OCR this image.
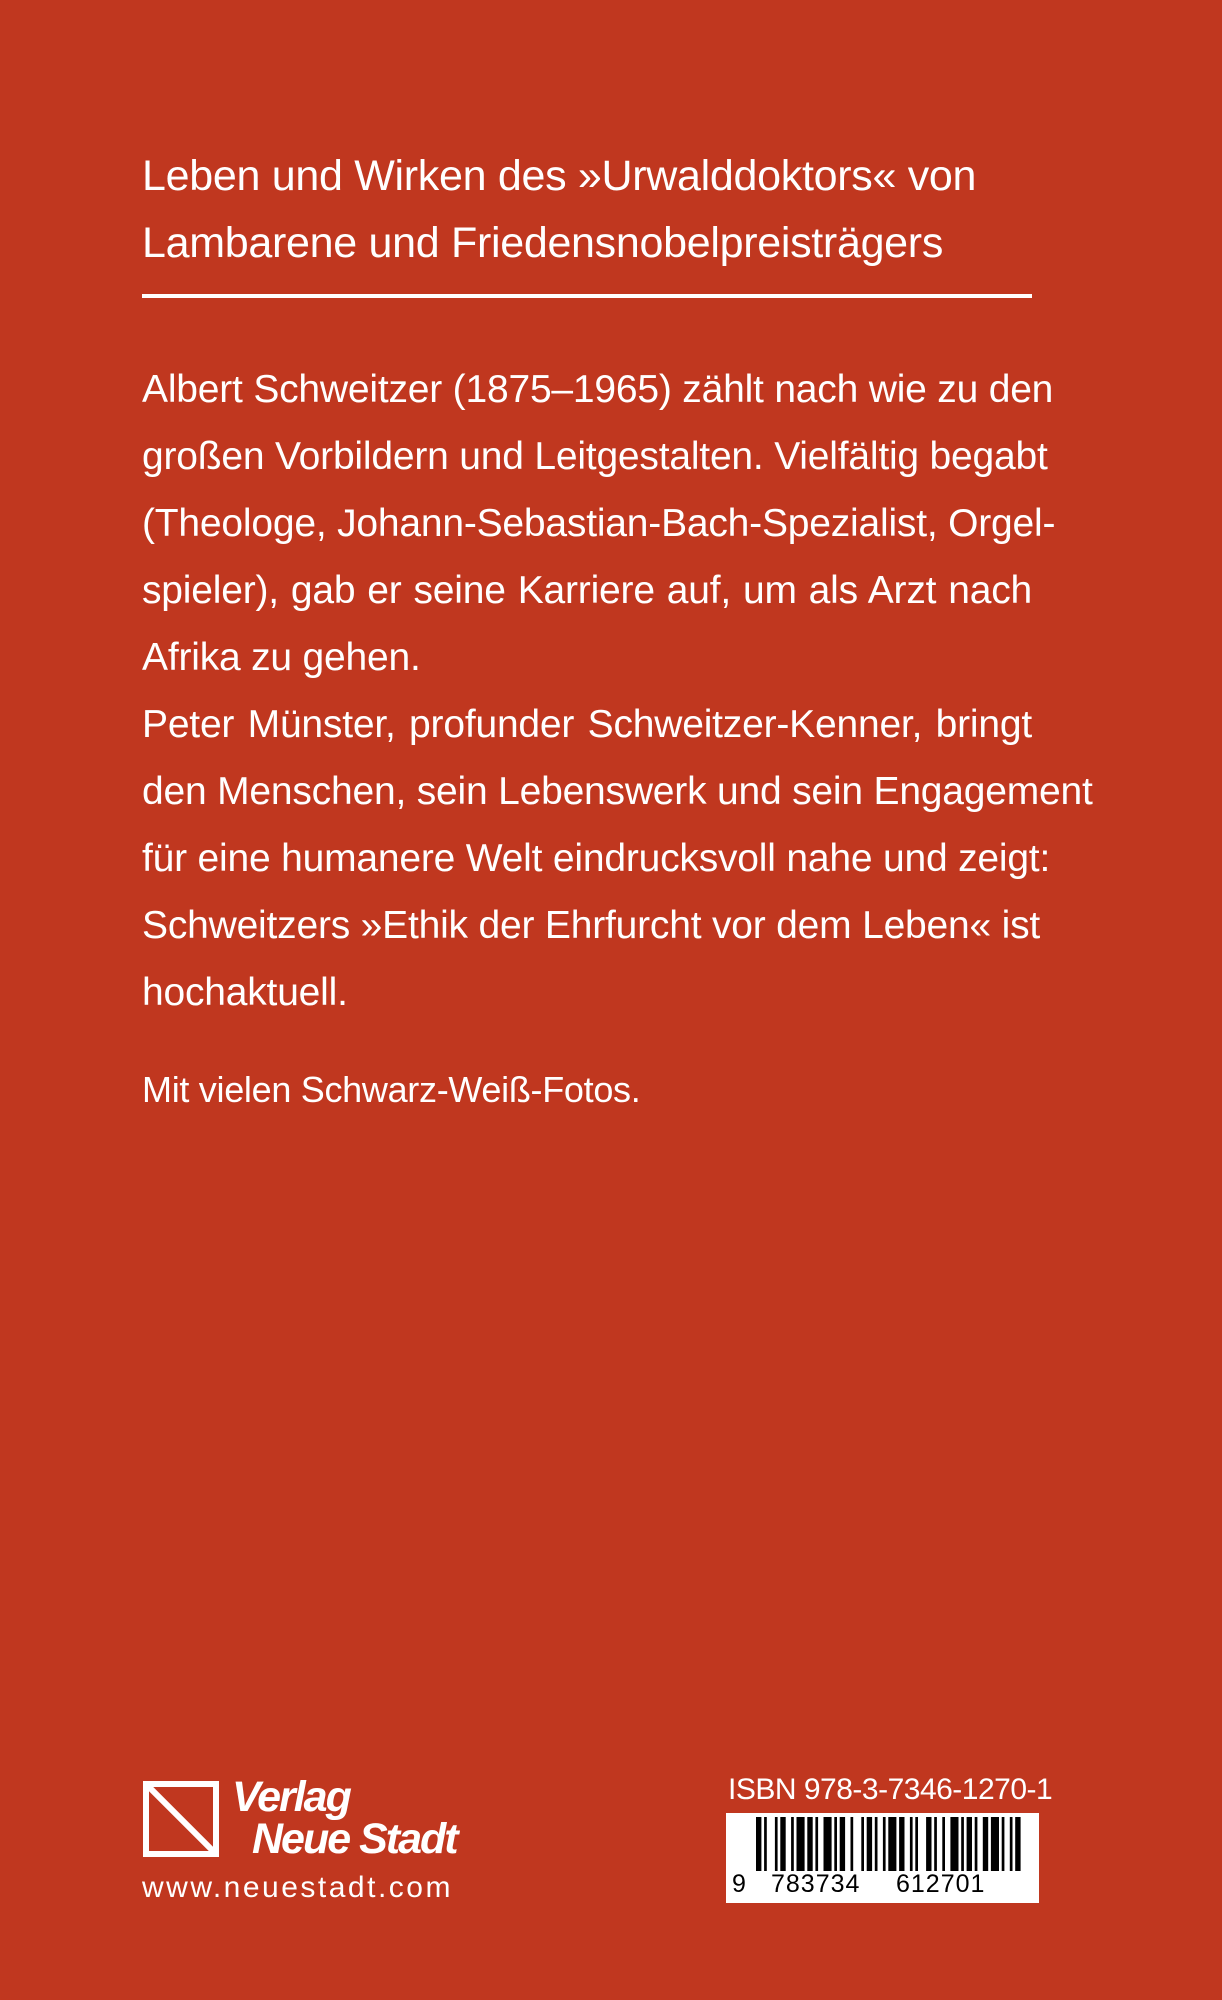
Leben und Wirken des »Urwalddoktors« von
Lambarene und Friedensnobelpreisträgers
Albert Schweitzer (1875–1965) zählt nach wie zu den
großen Vorbildern und Leitgestalten. Vielfältig begabt
(Theologe, Johann-Sebastian-Bach-Spezialist, Orgel-
spieler), gab er seine Karriere auf, um als Arzt nach
Afrika zu gehen.
Peter Münster, profunder Schweitzer-Kenner, bringt
den Menschen, sein Lebenswerk und sein Engagement
für eine humanere Welt eindrucksvoll nahe und zeigt:
Schweitzers »Ethik der Ehrfurcht vor dem Leben« ist
hochaktuell.
Mit vielen Schwarz-Weiß-Fotos.
Verlag
Neue Stadt
www.neuestadt.com
ISBN 978-3-7346-1270-1
9 783734 612701
